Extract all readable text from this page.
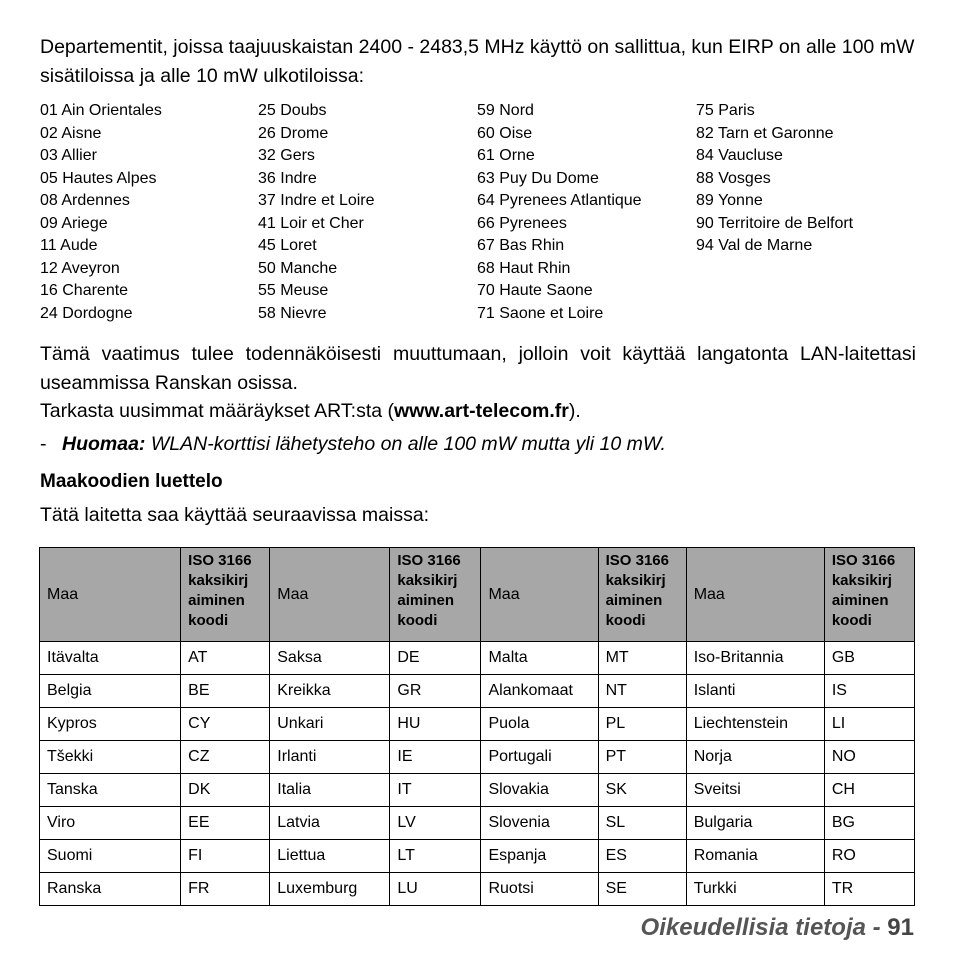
Departementit, joissa taajuuskaistan 2400 - 2483,5 MHz käyttö on sallittua, kun EIRP on alle 100 mW sisätiloissa ja alle 10 mW ulkotiloissa:

01 Ain Orientales
02 Aisne
03 Allier
05 Hautes Alpes
08 Ardennes
09 Ariege
11 Aude
12 Aveyron
16 Charente
24 Dordogne
25 Doubs
26 Drome
32 Gers
36 Indre
37 Indre et Loire
41 Loir et Cher
45 Loret
50 Manche
55 Meuse
58 Nievre
59 Nord
60 Oise
61 Orne
63 Puy Du Dome
64 Pyrenees Atlantique
66 Pyrenees
67 Bas Rhin
68 Haut Rhin
70 Haute Saone
71 Saone et Loire
75 Paris
82 Tarn et Garonne
84 Vaucluse
88 Vosges
89 Yonne
90 Territoire de Belfort
94 Val de Marne

Tämä vaatimus tulee todennäköisesti muuttumaan, jolloin voit käyttää langatonta LAN-laitettasi useammissa Ranskan osissa.

Tarkasta uusimmat määräykset ART:sta (www.art-telecom.fr).
- Huomaa: WLAN-korttisi lähetysteho on alle 100 mW mutta yli 10 mW.
Maakoodien luettelo

Tätä laitetta saa käyttää seuraavissa maissa:

Maa	ISO 3166
kaksikirj
aiminen
koodi	Maa	ISO 3166
kaksikirj
aiminen
koodi	Maa	ISO 3166
kaksikirj
aiminen
koodi	Maa	ISO 3166
kaksikirj
aiminen
koodi
Itävalta	AT	Saksa	DE	Malta	MT	Iso-Britannia	GB
Belgia	BE	Kreikka	GR	Alankomaat	NT	Islanti	IS
Kypros	CY	Unkari	HU	Puola	PL	Liechtenstein	LI
Tšekki	CZ	Irlanti	IE	Portugali	PT	Norja	NO
Tanska	DK	Italia	IT	Slovakia	SK	Sveitsi	CH
Viro	EE	Latvia	LV	Slovenia	SL	Bulgaria	BG
Suomi	FI	Liettua	LT	Espanja	ES	Romania	RO
Ranska	FR	Luxemburg	LU	Ruotsi	SE	Turkki	TR
Oikeudellisia tietoja - 91
